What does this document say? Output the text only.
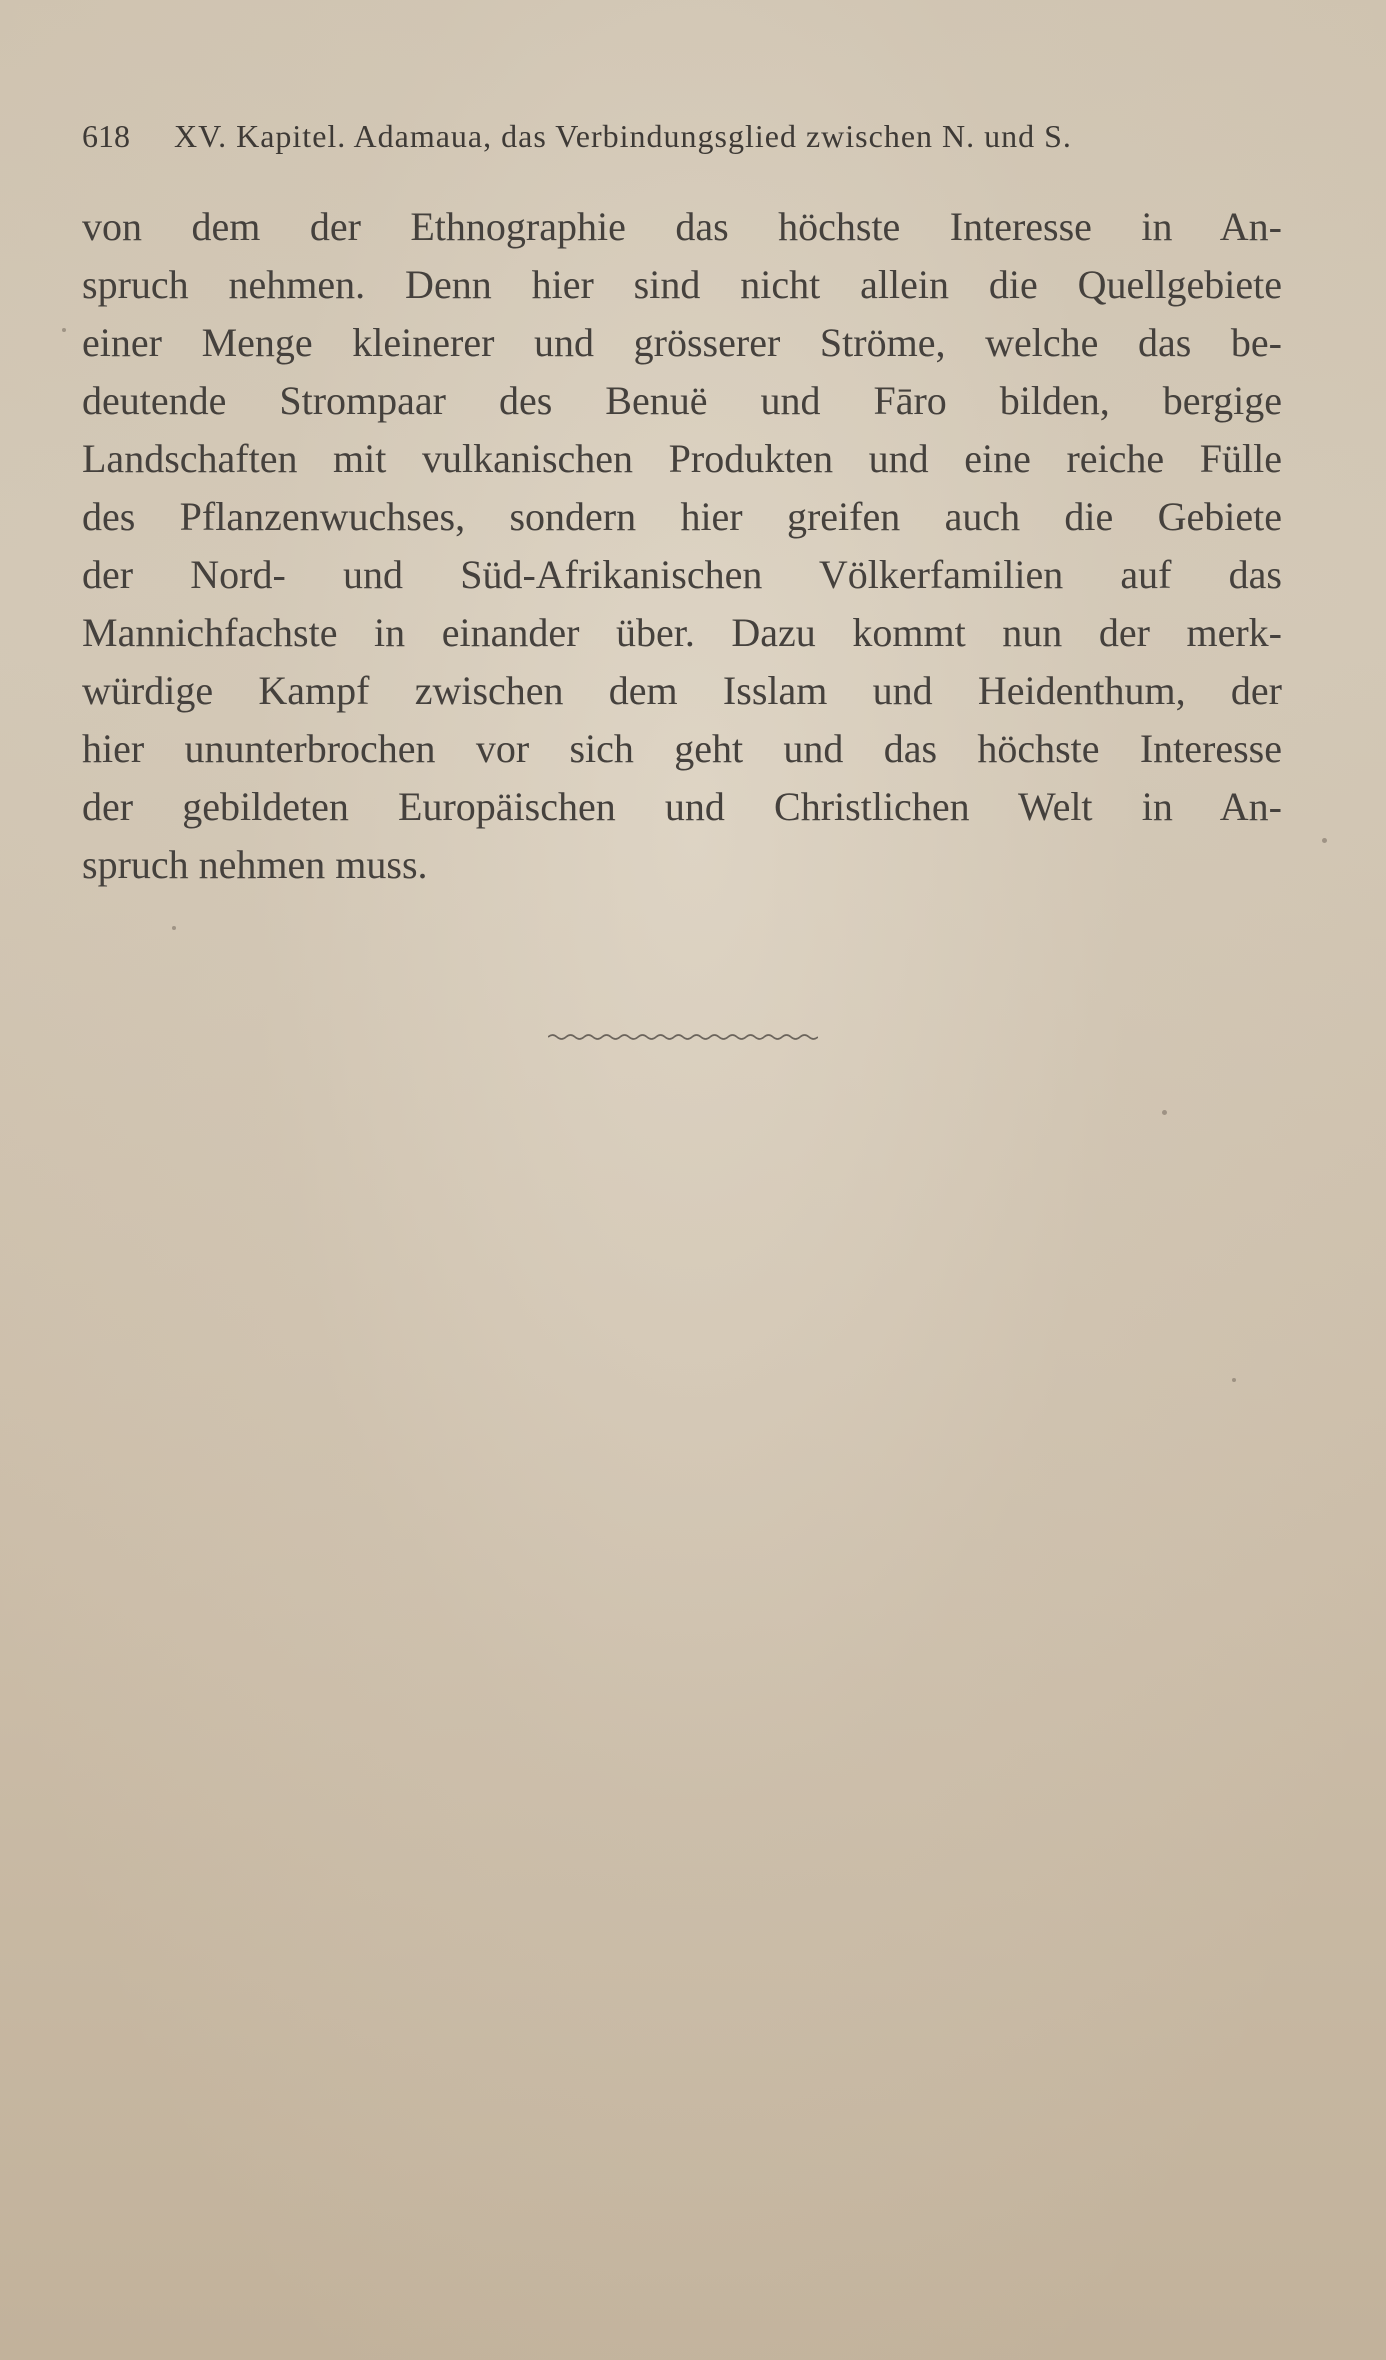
618 XV. Kapitel. Adamaua, das Verbindungsglied zwischen N. und S.
von dem der Ethnographie das höchste Interesse in An-
spruch nehmen. Denn hier sind nicht allein die Quellgebiete
einer Menge kleinerer und grösserer Ströme, welche das be-
deutende Strompaar des Benuë und Fāro bilden, bergige
Landschaften mit vulkanischen Produkten und eine reiche Fülle
des Pflanzenwuchses, sondern hier greifen auch die Gebiete
der Nord- und Süd-Afrikanischen Völkerfamilien auf das
Mannichfachste in einander über. Dazu kommt nun der merk-
würdige Kampf zwischen dem Isslam und Heidenthum, der
hier ununterbrochen vor sich geht und das höchste Interesse
der gebildeten Europäischen und Christlichen Welt in An-
spruch nehmen muss.
